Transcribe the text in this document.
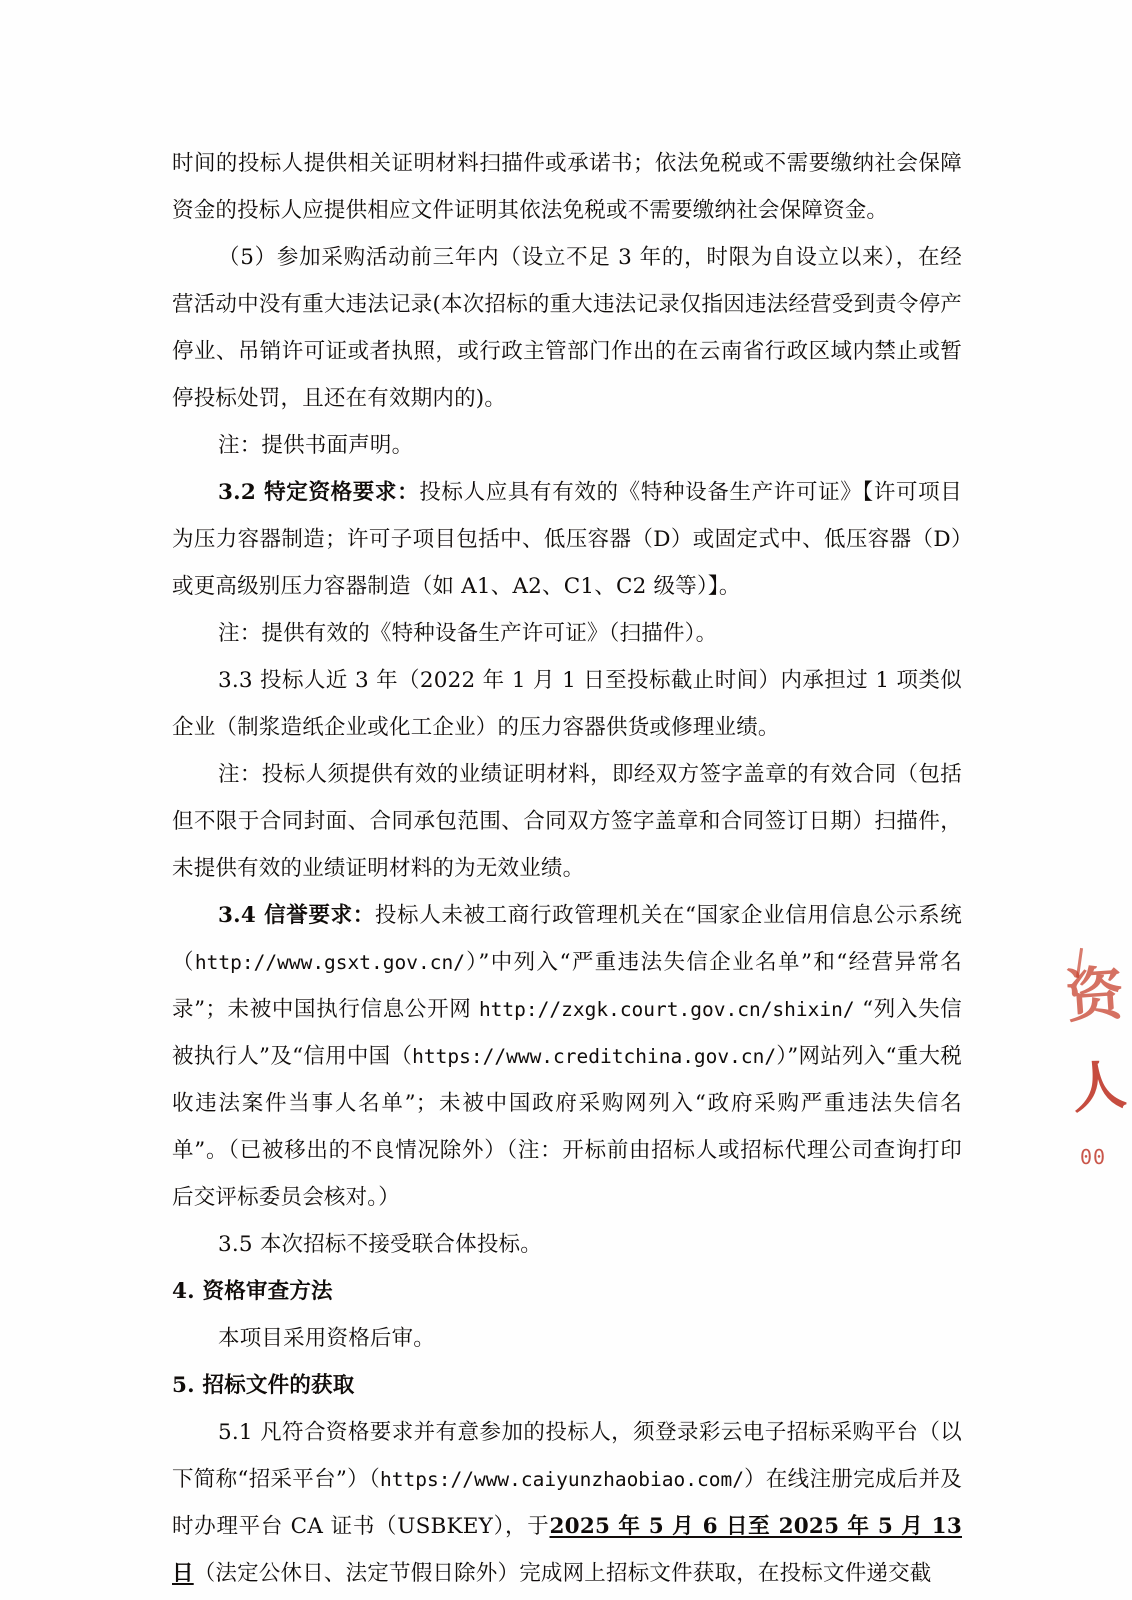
时间的投标人提供相关证明材料扫描件或承诺书；依法免税或不需要缴纳社会保障资金的投标人应提供相应文件证明其依法免税或不需要缴纳社会保障资金。

（5）参加采购活动前三年内（设立不足 3 年的，时限为自设立以来），在经营活动中没有重大违法记录(本次招标的重大违法记录仅指因违法经营受到责令停产停业、吊销许可证或者执照，或行政主管部门作出的在云南省行政区域内禁止或暂停投标处罚，且还在有效期内的)。

注：提供书面声明。

3.2 特定资格要求：投标人应具有有效的《特种设备生产许可证》【许可项目为压力容器制造；许可子项目包括中、低压容器（D）或固定式中、低压容器（D）或更高级别压力容器制造（如 A1、A2、C1、C2 级等）】。

注：提供有效的《特种设备生产许可证》（扫描件）。

3.3 投标人近 3 年（2022 年 1 月 1 日至投标截止时间）内承担过 1 项类似企业（制浆造纸企业或化工企业）的压力容器供货或修理业绩。

注：投标人须提供有效的业绩证明材料，即经双方签字盖章的有效合同（包括但不限于合同封面、合同承包范围、合同双方签字盖章和合同签订日期）扫描件，未提供有效的业绩证明材料的为无效业绩。

3.4 信誉要求：投标人未被工商行政管理机关在“国家企业信用信息公示系统（http://www.gsxt.gov.cn/）”中列入“严重违法失信企业名单”和“经营异常名录”；未被中国执行信息公开网 http://zxgk.court.gov.cn/shixin/ “列入失信被执行人”及“信用中国（https://www.creditchina.gov.cn/）”网站列入“重大税收违法案件当事人名单”；未被中国政府采购网列入“政府采购严重违法失信名单”。（已被移出的不良情况除外）（注：开标前由招标人或招标代理公司查询打印后交评标委员会核对。）

3.5 本次招标不接受联合体投标。

4. 资格审查方法

本项目采用资格后审。

5. 招标文件的获取

5.1 凡符合资格要求并有意参加的投标人，须登录彩云电子招标采购平台（以下简称“招采平台”）（https://www.caiyunzhaobiao.com/）在线注册完成后并及时办理平台 CA 证书（USBKEY），于2025 年 5 月 6 日至 2025 年 5 月 13 日（法定公休日、法定节假日除外）完成网上招标文件获取，在投标文件递交截

资
人
00
